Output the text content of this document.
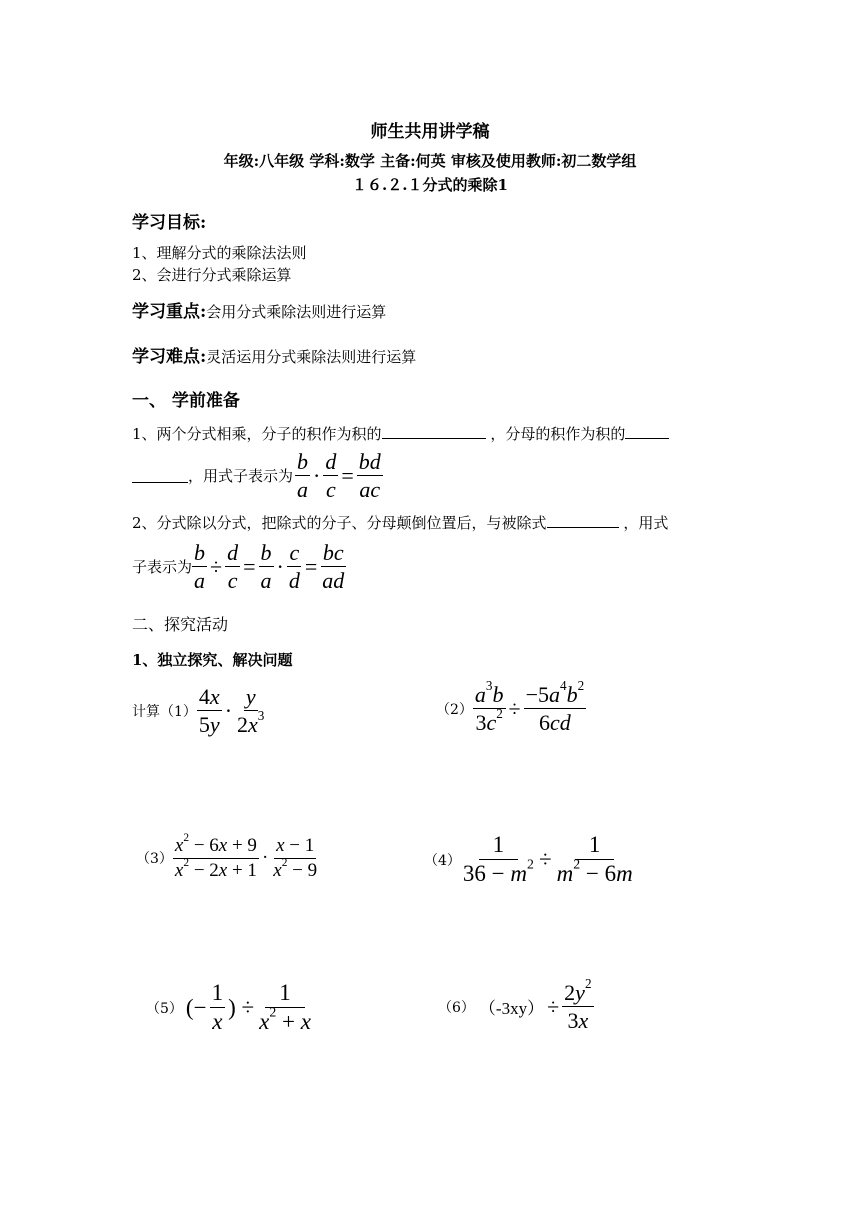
师生共用讲学稿
年级:八年级 学科:数学 主备:何英 审核及使用教师:初二数学组
１６.２.１分式的乘除1
学习目标:
1、理解分式的乘除法法则
2、会进行分式乘除运算
学习重点:会用分式乘除法则进行运算
学习难点:灵活运用分式乘除法则进行运算
一、 学前准备
1、两个分式相乘，分子的积作为积的	，分母的积作为积的
，用式子表示为 $\frac{b}{a} \cdot \frac{d}{c} = \frac{bd}{ac}$
2、分式除以分式，把除式的分子、分母颠倒位置后，与被除式	，用式
子表示为 $\frac{b}{a} \div \frac{d}{c} = \frac{b}{a} \cdot \frac{c}{d} = \frac{bc}{ad}$
二、探究活动
1、独立探究、解决问题
计算$(1) \frac{4x}{5y} \cdot \frac{y}{2x^3}$	$(2) \frac{a^3b}{3c^2} \div \frac{-5a^4b^2}{6cd}$
$(3) \frac{x^2 - 6x + 9}{x^2 - 2x + 1} \cdot \frac{x - 1}{x^2 - 9}$	$(4) \frac{1}{36 - m^2} \div \frac{1}{m^2 - 6m}$
（5） (− $\frac{1}{x}$ ) ÷ $\frac{1}{x^2 + x}$	（6） $(-3xy) \div \frac{2y^2}{3x}$
